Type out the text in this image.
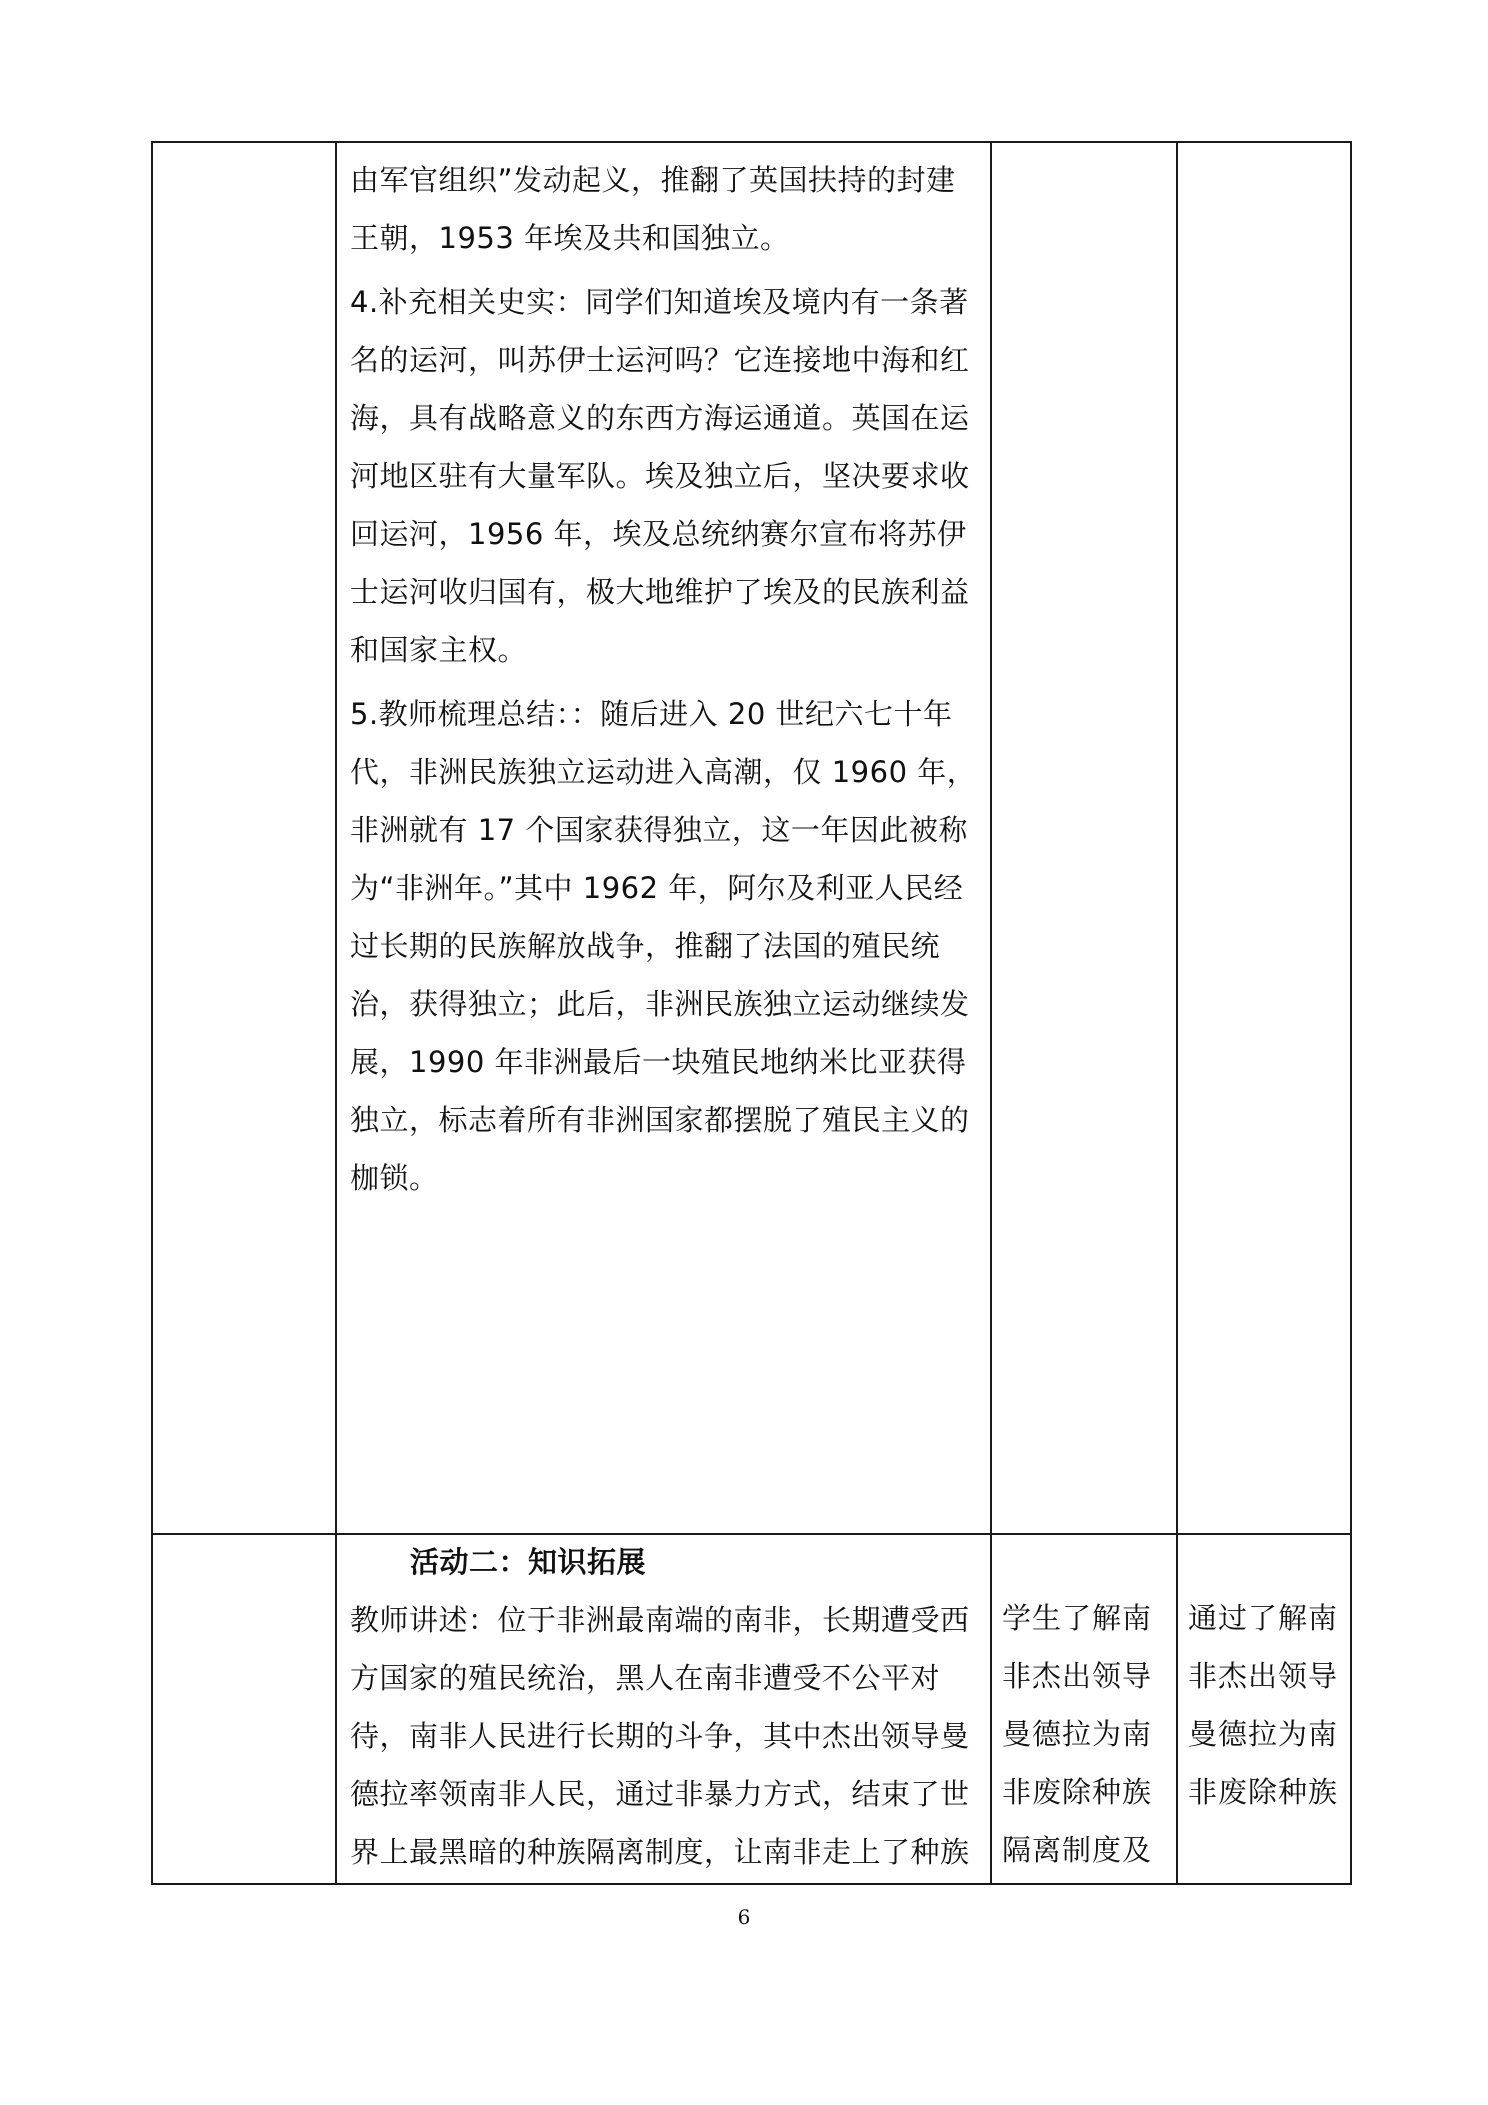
	由军官组织”发动起义，推翻了英国扶持的封建王朝，1953 年埃及共和国独立。

4.补充相关史实：同学们知道埃及境内有一条著名的运河，叫苏伊士运河吗？它连接地中海和红海，具有战略意义的东西方海运通道。英国在运河地区驻有大量军队。埃及独立后，坚决要求收回运河，1956 年，埃及总统纳赛尔宣布将苏伊士运河收归国有，极大地维护了埃及的民族利益和国家主权。

5.教师梳理总结：：随后进入 20 世纪六七十年代，非洲民族独立运动进入高潮，仅 1960 年，非洲就有 17 个国家获得独立，这一年因此被称为“非洲年。”其中 1962 年，阿尔及利亚人民经过长期的民族解放战争，推翻了法国的殖民统治，获得独立；此后，非洲民族独立运动继续发展，1990 年非洲最后一块殖民地纳米比亚获得独立，标志着所有非洲国家都摆脱了殖民主义的枷锁。		

	活动二：知识拓展

教师讲述：位于非洲最南端的南非，长期遭受西方国家的殖民统治，黑人在南非遭受不公平对待，南非人民进行长期的斗争，其中杰出领导曼德拉率领南非人民，通过非暴力方式，结束了世界上最黑暗的种族隔离制度，让南非走上了种族	学生了解南非杰出领导曼德拉为南非废除种族隔离制度及	通过了解南非杰出领导曼德拉为南非废除种族
6
